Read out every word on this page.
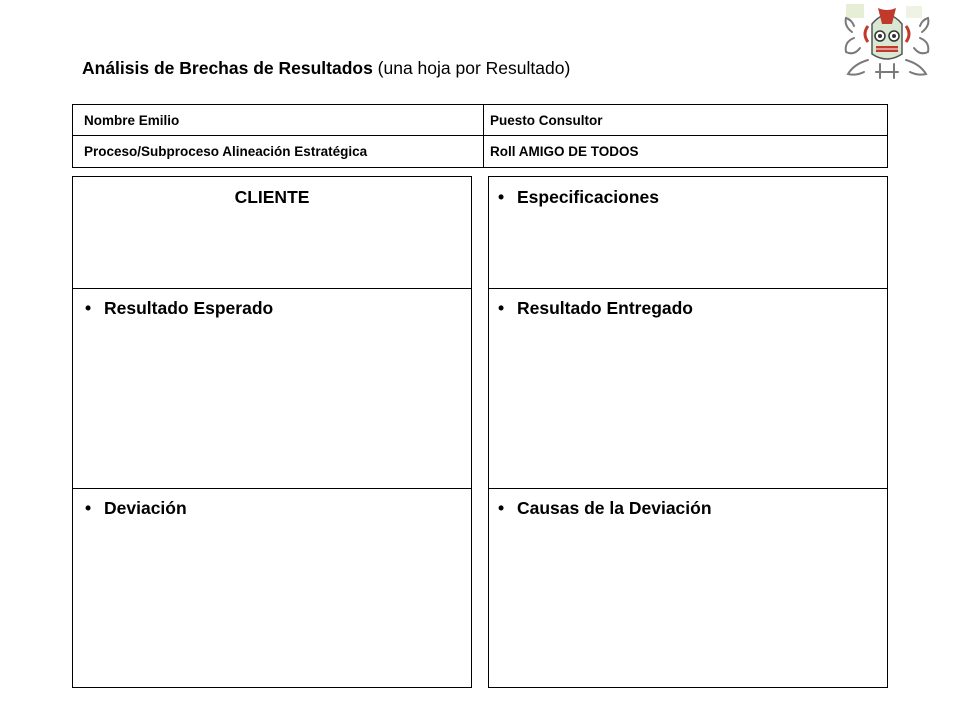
Análisis de Brechas de Resultados (una hoja por Resultado)
Nombre Emilio	Puesto Consultor
Proceso/Subproceso Alineación Estratégica	Roll AMIGO DE TODOS
CLIENTE
• Resultado Esperado
• Deviación
• Especificaciones
• Resultado Entregado
• Causas de la Deviación
